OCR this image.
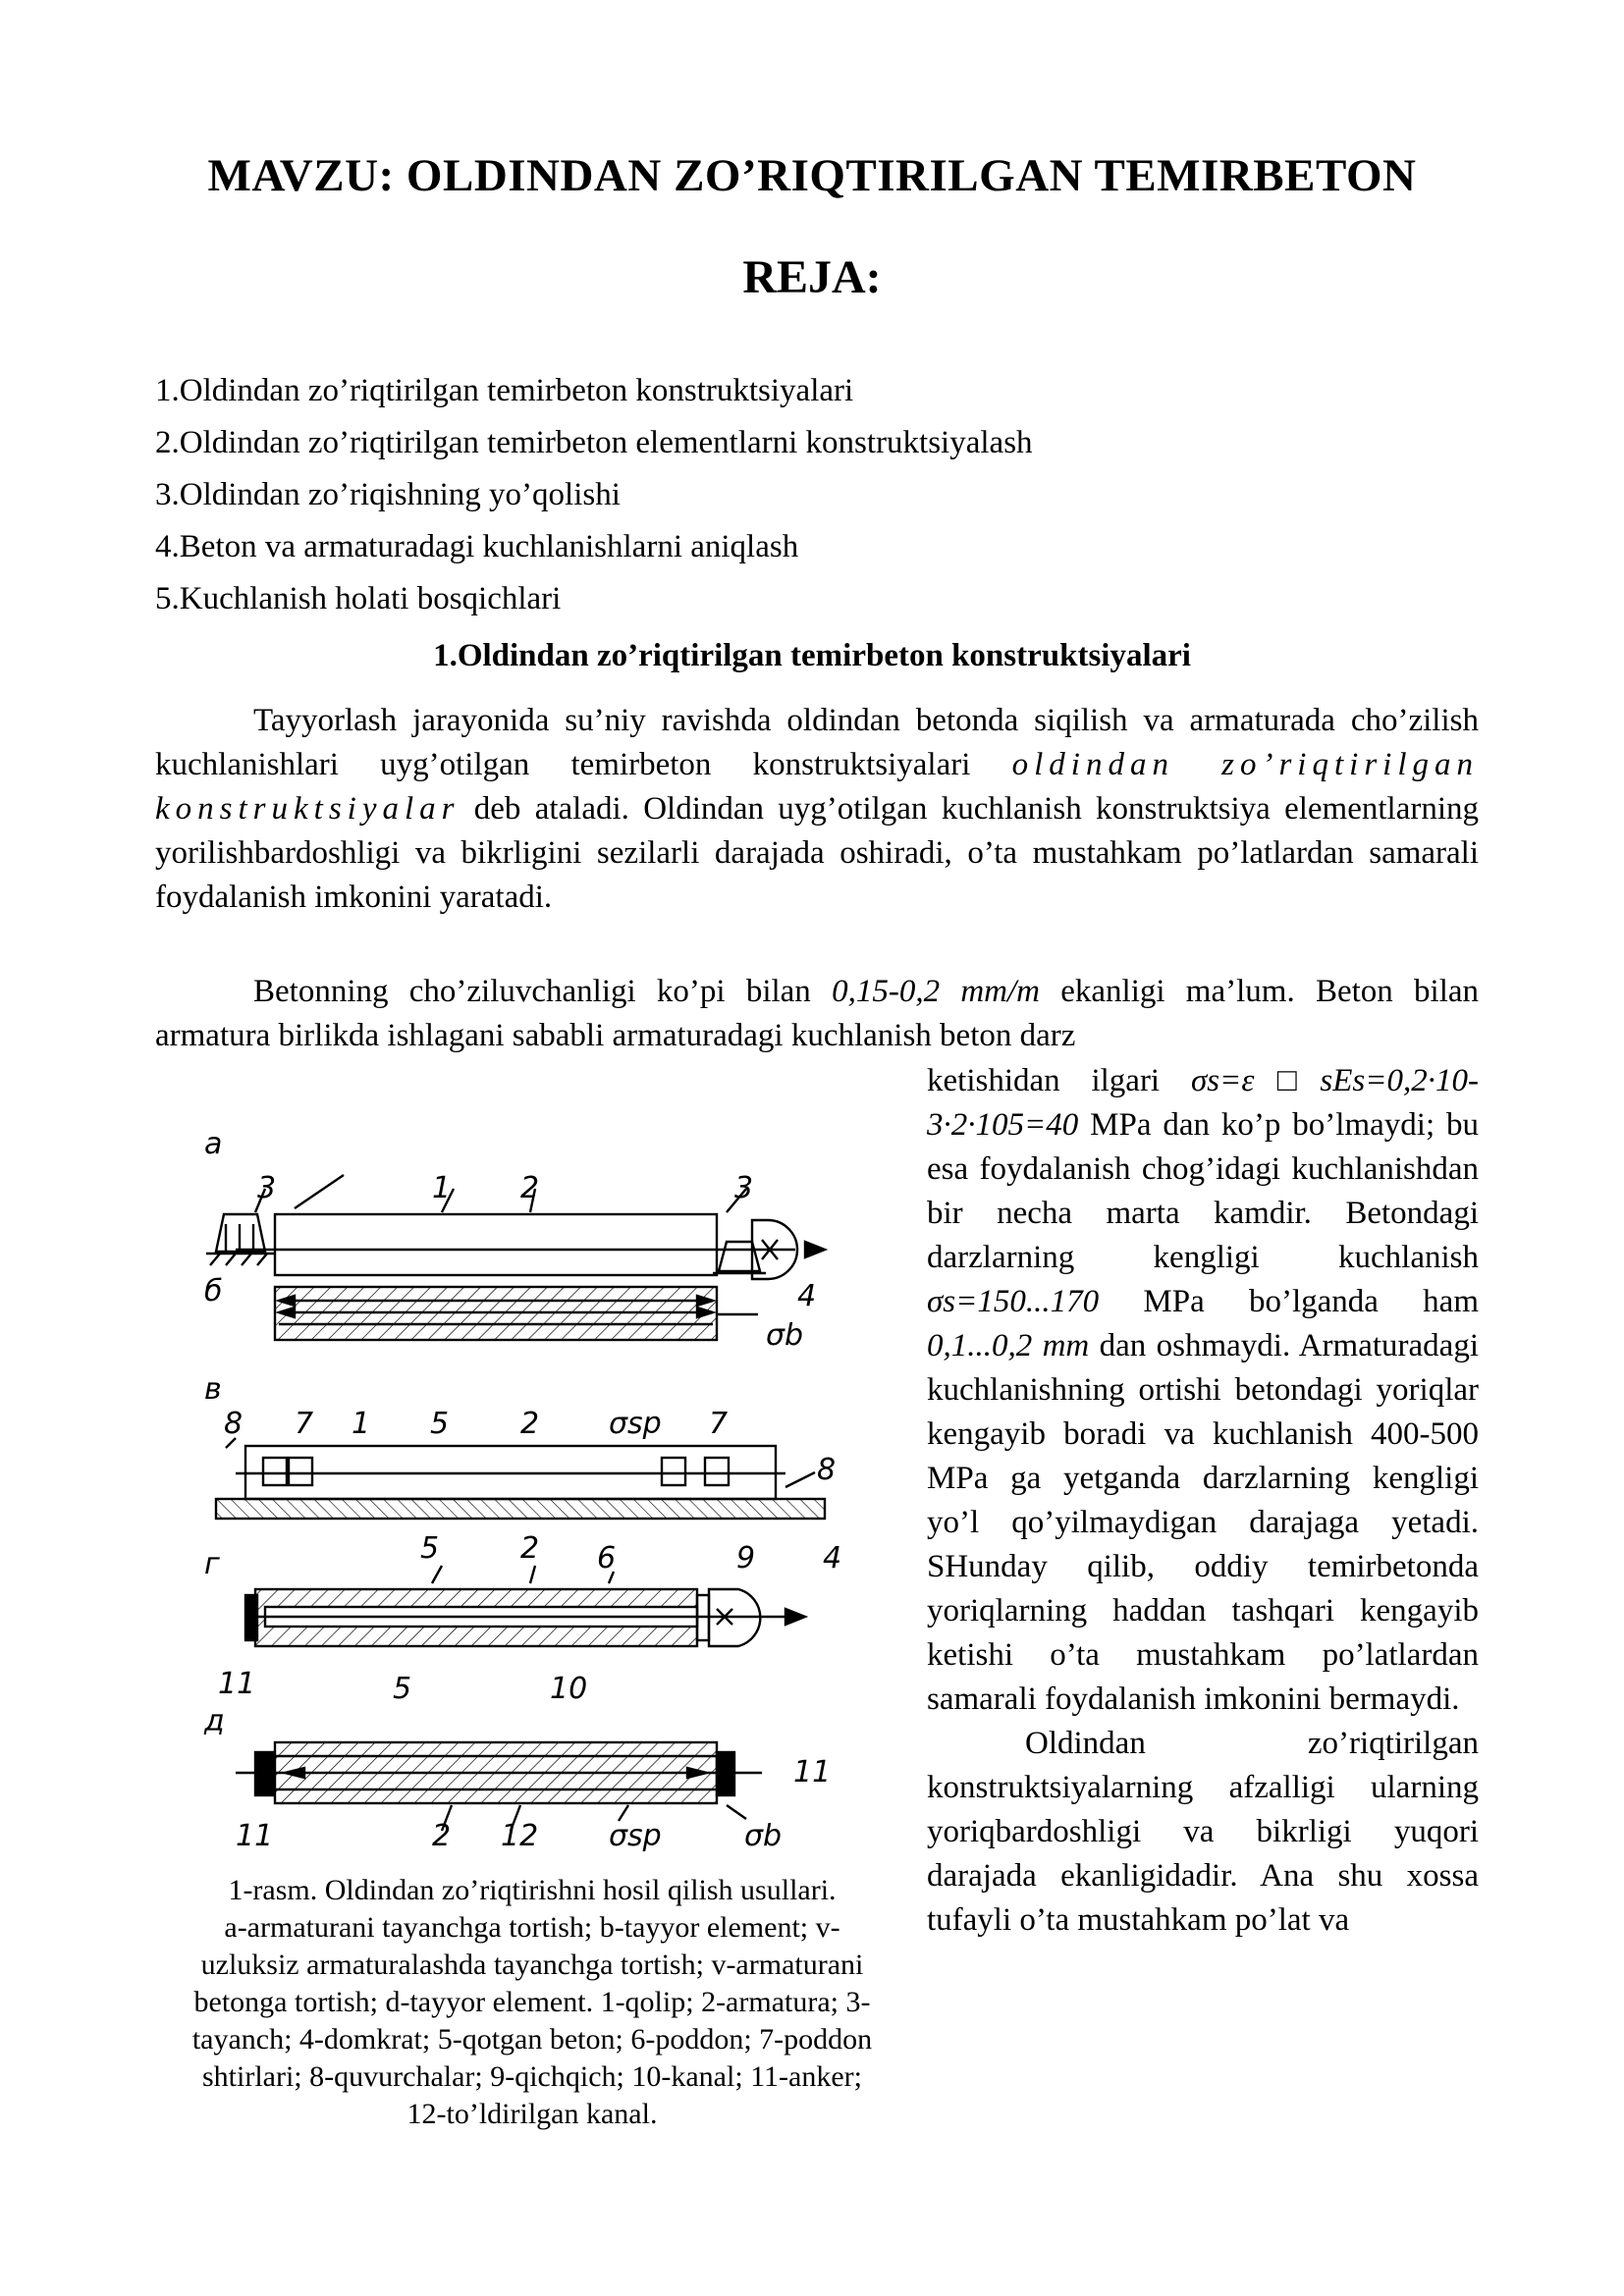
MAVZU: OLDINDAN ZO’RIQTIRILGAN TEMIRBETON
REJA:
1.Oldindan zo’riqtirilgan temirbeton konstruktsiyalari
2.Oldindan zo’riqtirilgan temirbeton elementlarni konstruktsiyalash
3.Oldindan zo’riqishning yo’qolishi
4.Beton va armaturadagi kuchlanishlarni aniqlash
5.Kuchlanish holati bosqichlari
1.Oldindan zo’riqtirilgan temirbeton konstruktsiyalari
Tayyorlash jarayonida su’niy ravishda oldindan betonda siqilish va armaturada cho’zilish kuchlanishlari uyg’otilgan temirbeton konstruktsiyalari oldindan zo’riqtirilgan konstruktsiyalar deb ataladi. Oldindan uyg’otilgan kuchlanish konstruktsiya elementlarning yorilishbardoshligi va bikrligini sezilarli darajada oshiradi, o’ta mustahkam po’latlardan samarali foydalanish imkonini yaratadi.
Betonning cho’ziluvchanligi ko’pi bilan 0,15-0,2 mm/m ekanligi ma’lum. Beton bilan armatura birlikda ishlagani sababli armaturadagi kuchlanish beton darz

ketishidan ilgari σs=ε□sEs=0,2·10-3·2·105=40 MPa dan ko’p bo’lmaydi; bu esa foydalanish chog’idagi kuchlanishdan bir necha marta kamdir. Betondagi darzlarning kengligi kuchlanish σs=150...170 MPa bo’lganda ham 0,1...0,2 mm dan oshmaydi. Armaturadagi kuchlanishning ortishi betondagi yoriqlar kengayib boradi va kuchlanish 400-500 MPa ga yetganda darzlarning kengligi yo’l qo’yilmaydigan darajaga yetadi. SHunday qilib, oddiy temirbetonda yoriqlarning haddan tashqari kengayib ketishi o’ta mustahkam po’latlardan samarali foydalanish imkonini bermaydi.

Oldindan zo’riqtirilgan konstruktsiyalarning afzalligi ularning yoriqbardoshligi va bikrligi yuqori darajada ekanligidadir. Ana shu xossa tufayli o’ta mustahkam po’lat va

a
б
в
г
д
3	1 2	3
4
σb
8 7 1 5 2 σsp 7
8
5	2 6	9 4
11	5	10
11
11	2 12 σsp	σb
1-rasm. Oldindan zo’riqtirishni hosil qilish usullari.
a-armaturani tayanchga tortish; b-tayyor element; v-uzluksiz armaturalashda tayanchga tortish; v-armaturani betonga tortish; d-tayyor element. 1-qolip; 2-armatura; 3-tayanch; 4-domkrat; 5-qotgan beton; 6-poddon; 7-poddon shtirlari; 8-quvurchalar; 9-qichqich; 10-kanal; 11-anker; 12-to’ldirilgan kanal.
